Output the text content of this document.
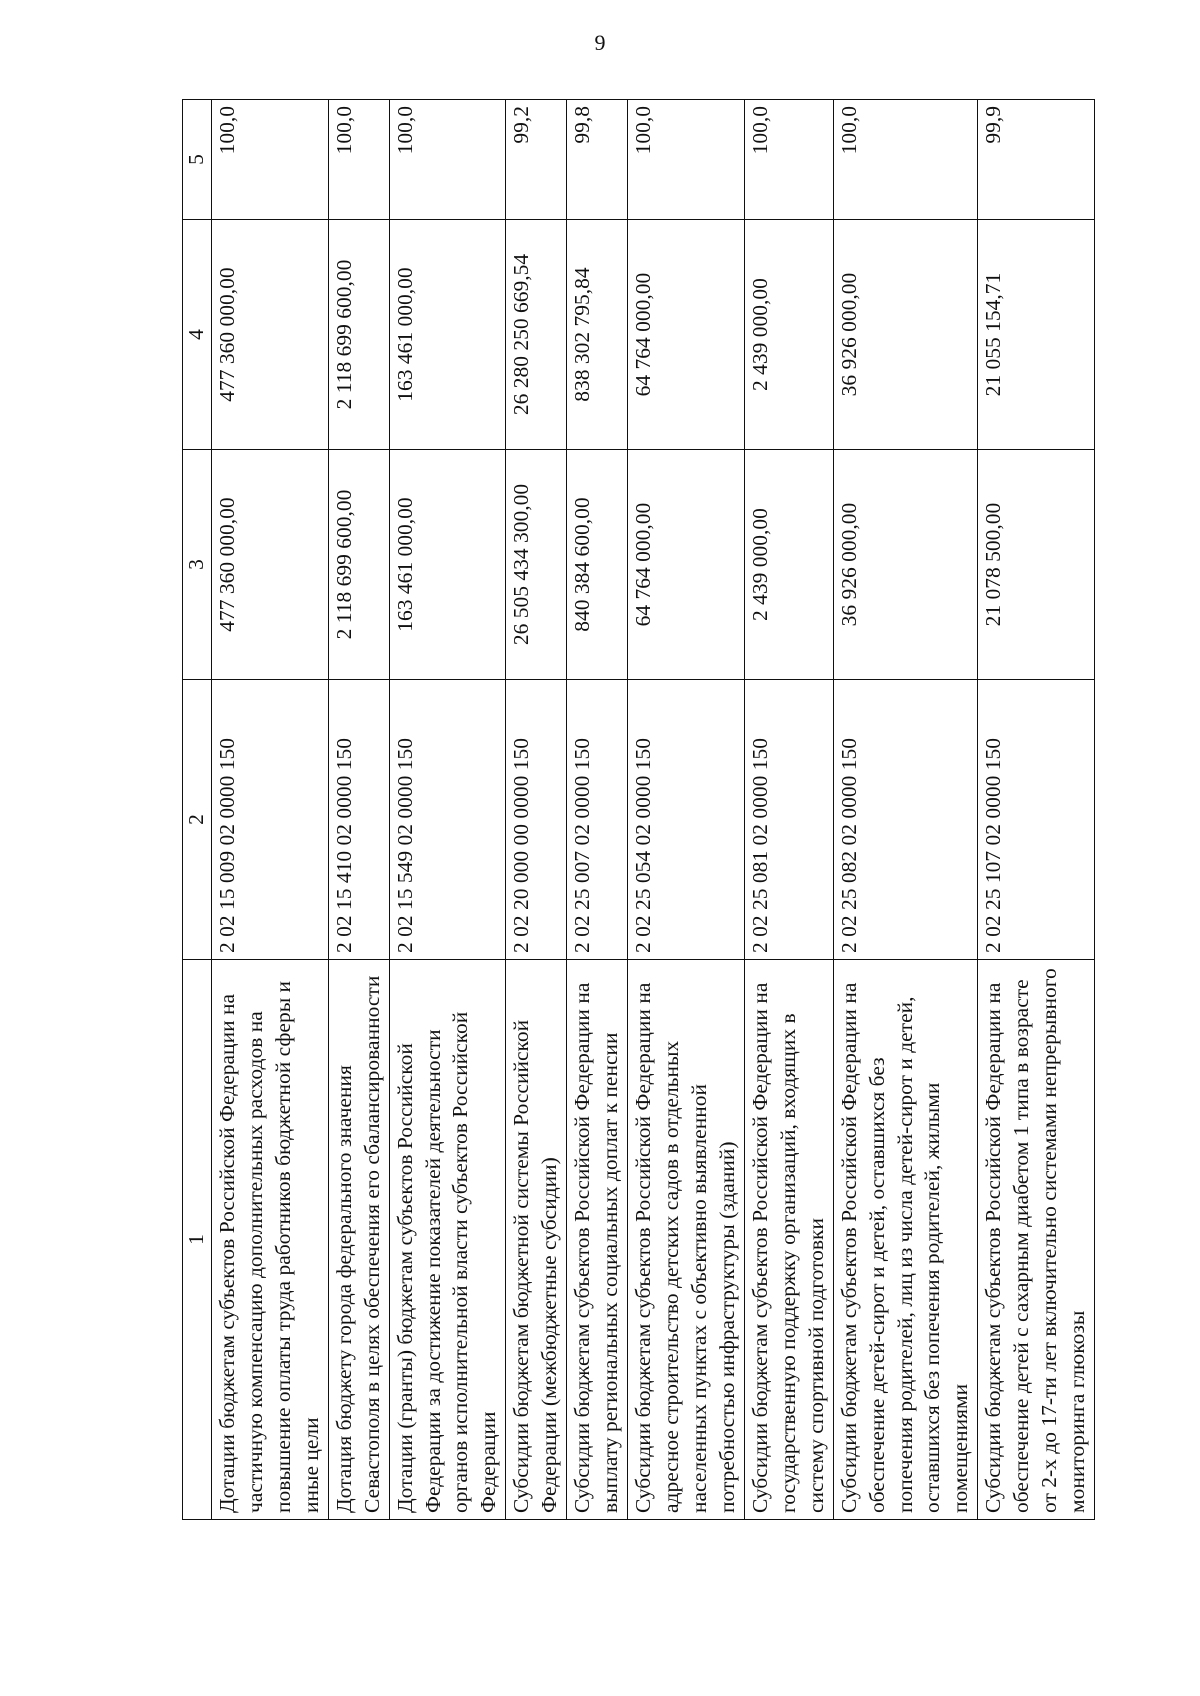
9
1	2	3	4	5
Дотации бюджетам субъектов Российской Федерации на частичную компенсацию дополнительных расходов на повышение оплаты труда работников бюджетной сферы и иные цели	2 02 15 009 02 0000 150	477 360 000,00	477 360 000,00	100,0
Дотация бюджету города федерального значения Севастополя в целях обеспечения его сбалансированности	2 02 15 410 02 0000 150	2 118 699 600,00	2 118 699 600,00	100,0
Дотации (гранты) бюджетам субъектов Российской Федерации за достижение показателей деятельности органов исполнительной власти субъектов Российской Федерации	2 02 15 549 02 0000 150	163 461 000,00	163 461 000,00	100,0
Субсидии бюджетам бюджетной системы Российской Федерации (межбюджетные субсидии)	2 02 20 000 00 0000 150	26 505 434 300,00	26 280 250 669,54	99,2
Субсидии бюджетам субъектов Российской Федерации на выплату региональных социальных доплат к пенсии	2 02 25 007 02 0000 150	840 384 600,00	838 302 795,84	99,8
Субсидии бюджетам субъектов Российской Федерации на адресное строительство детских садов в отдельных населенных пунктах с объективно выявленной потребностью инфраструктуры (зданий)	2 02 25 054 02 0000 150	64 764 000,00	64 764 000,00	100,0
Субсидии бюджетам субъектов Российской Федерации на государственную поддержку организаций, входящих в систему спортивной подготовки	2 02 25 081 02 0000 150	2 439 000,00	2 439 000,00	100,0
Субсидии бюджетам субъектов Российской Федерации на обеспечение детей-сирот и детей, оставшихся без попечения родителей, лиц из числа детей-сирот и детей, оставшихся без попечения родителей, жилыми помещениями	2 02 25 082 02 0000 150	36 926 000,00	36 926 000,00	100,0
Субсидии бюджетам субъектов Российской Федерации на обеспечение детей с сахарным диабетом 1 типа в возрасте от 2-х до 17-ти лет включительно системами непрерывного мониторинга глюкозы	2 02 25 107 02 0000 150	21 078 500,00	21 055 154,71	99,9
